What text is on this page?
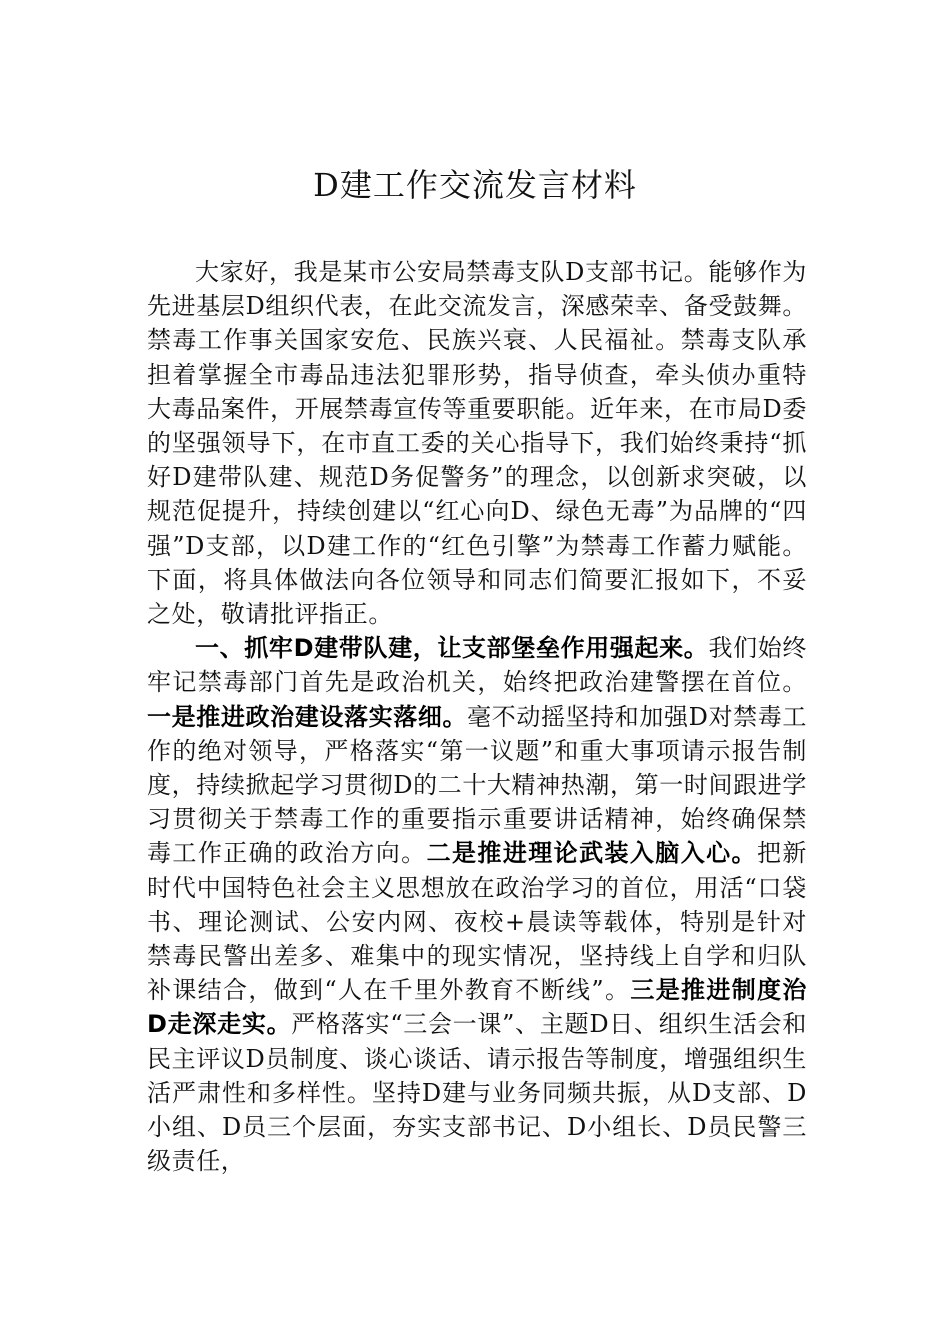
D建工作交流发言材料

大家好，我是某市公安局禁毒支队D支部书记。能够作为先进基层D组织代表，在此交流发言，深感荣幸、备受鼓舞。禁毒工作事关国家安危、民族兴衰、人民福祉。禁毒支队承担着掌握全市毒品违法犯罪形势，指导侦查，牵头侦办重特大毒品案件，开展禁毒宣传等重要职能。近年来，在市局D委的坚强领导下，在市直工委的关心指导下，我们始终秉持“抓好D建带队建、规范D务促警务”的理念，以创新求突破，以规范促提升，持续创建以“红心向D、绿色无毒”为品牌的“四强”D支部，以D建工作的“红色引擎”为禁毒工作蓄力赋能。下面，将具体做法向各位领导和同志们简要汇报如下，不妥之处，敬请批评指正。

一、抓牢D建带队建，让支部堡垒作用强起来。我们始终牢记禁毒部门首先是政治机关，始终把政治建警摆在首位。一是推进政治建设落实落细。毫不动摇坚持和加强D对禁毒工作的绝对领导，严格落实“第一议题”和重大事项请示报告制度，持续掀起学习贯彻D的二十大精神热潮，第一时间跟进学习贯彻关于禁毒工作的重要指示重要讲话精神，始终确保禁毒工作正确的政治方向。二是推进理论武装入脑入心。把新时代中国特色社会主义思想放在政治学习的首位，用活“口袋书、理论测试、公安内网、夜校+晨读等载体，特别是针对禁毒民警出差多、难集中的现实情况，坚持线上自学和归队补课结合，做到“人在千里外教育不断线”。三是推进制度治D走深走实。严格落实“三会一课”、主题D日、组织生活会和民主评议D员制度、谈心谈话、请示报告等制度，增强组织生活严肃性和多样性。坚持D建与业务同频共振，从D支部、D小组、D员三个层面，夯实支部书记、D小组长、D员民警三级责任，
